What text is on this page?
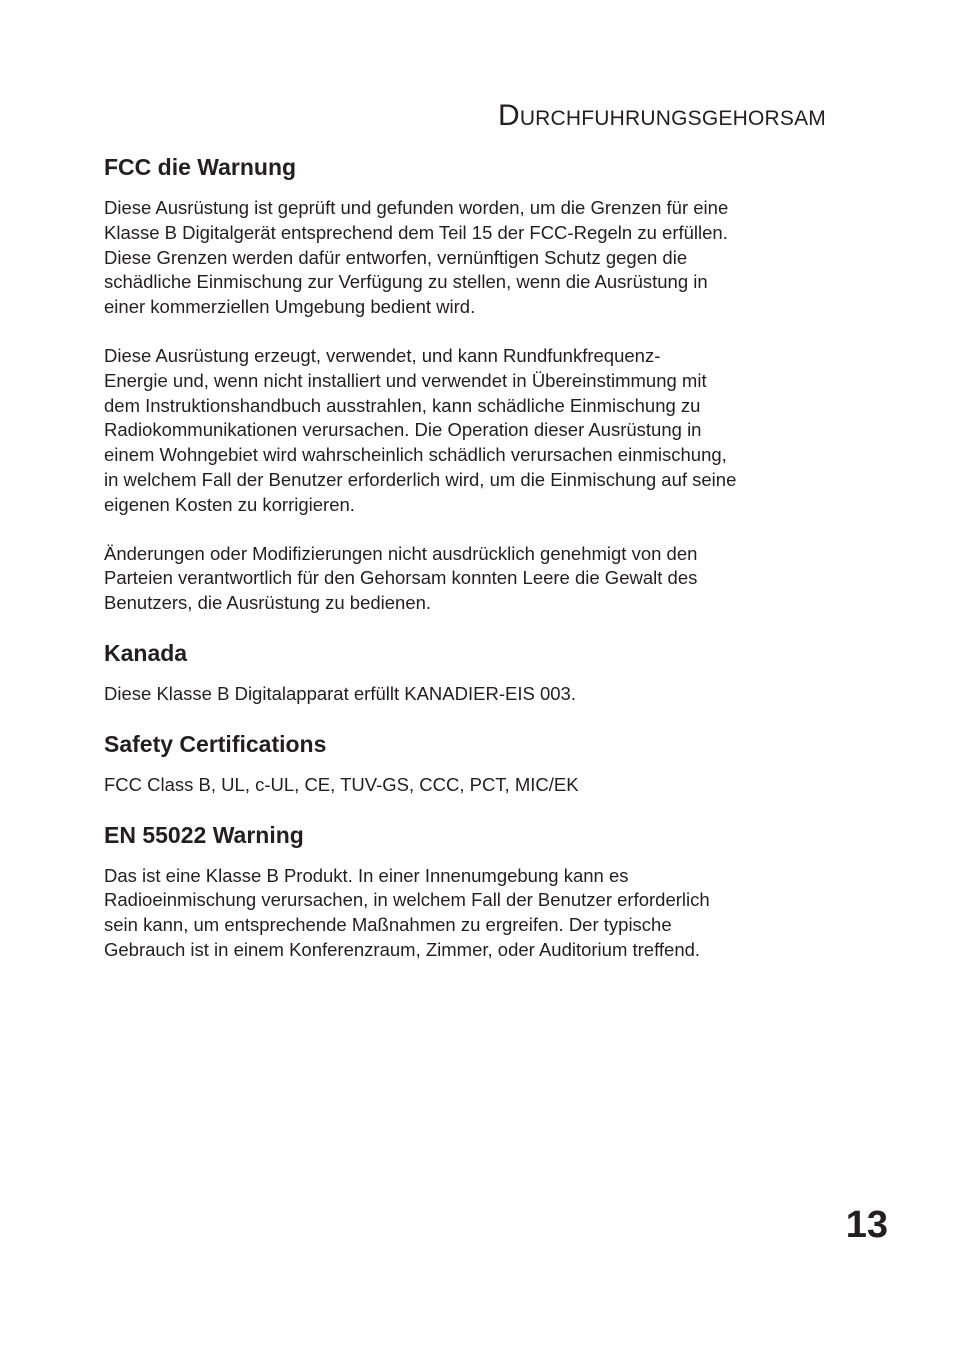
Durchfuhrungsgehorsam
FCC die Warnung

Diese Ausrüstung ist geprüft und gefunden worden, um die Grenzen für eine
Klasse B Digitalgerät entsprechend dem Teil 15 der FCC-Regeln zu erfüllen.
Diese Grenzen werden dafür entworfen, vernünftigen Schutz gegen die
schädliche Einmischung zur Verfügung zu stellen, wenn die Ausrüstung in
einer kommerziellen Umgebung bedient wird.

Diese Ausrüstung erzeugt, verwendet, und kann Rundfunkfrequenz-
Energie und, wenn nicht installiert und verwendet in Übereinstimmung mit
dem Instruktionshandbuch ausstrahlen, kann schädliche Einmischung zu
Radiokommunikationen verursachen. Die Operation dieser Ausrüstung in
einem Wohngebiet wird wahrscheinlich schädlich verursachen einmischung,
in welchem Fall der Benutzer erforderlich wird, um die Einmischung auf seine
eigenen Kosten zu korrigieren.

Änderungen oder Modifizierungen nicht ausdrücklich genehmigt von den
Parteien verantwortlich für den Gehorsam konnten Leere die Gewalt des
Benutzers, die Ausrüstung zu bedienen.

Kanada

Diese Klasse B Digitalapparat erfüllt KANADIER-EIS 003.

Safety Certifications

FCC Class B, UL, c-UL, CE, TUV-GS, CCC, PCT, MIC/EK

EN 55022 Warning

Das ist eine Klasse B Produkt. In einer Innenumgebung kann es
Radioeinmischung verursachen, in welchem Fall der Benutzer erforderlich
sein kann, um entsprechende Maßnahmen zu ergreifen. Der typische
Gebrauch ist in einem Konferenzraum, Zimmer, oder Auditorium treffend.

13
